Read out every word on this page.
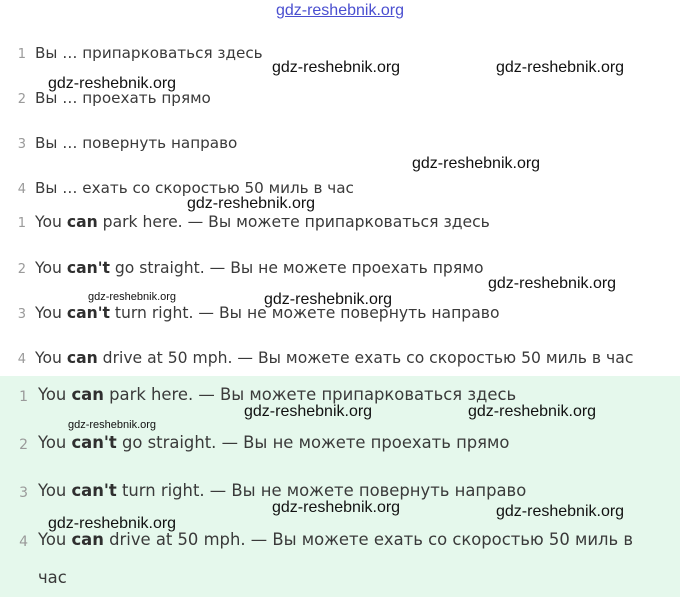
gdz-reshebnik.org
1 Вы … припарковаться здесь
2 Вы … проехать прямо
3 Вы … повернуть направо
4 Вы … ехать со скоростью 50 миль в час
1 You can park here. — Вы можете припарковаться здесь
2 You can't go straight. — Вы не можете проехать прямо
3 You can't turn right. — Вы не можете повернуть направо
4 You can drive at 50 mph. — Вы можете ехать со скоростью 50 миль в час
1 You can park here. — Вы можете припарковаться здесь
2 You can't go straight. — Вы не можете проехать прямо
3 You can't turn right. — Вы не можете повернуть направо
4 You can drive at 50 mph. — Вы можете ехать со скоростью 50 миль в
час
gdz-reshebnik.org	gdz-reshebnik.org
gdz-reshebnik.org
gdz-reshebnik.org
gdz-reshebnik.org
gdz-reshebnik.org
gdz-reshebnik.org	gdz-reshebnik.org
gdz-reshebnik.org	gdz-reshebnik.org
gdz-reshebnik.org
gdz-reshebnik.org	gdz-reshebnik.org
gdz-reshebnik.org
